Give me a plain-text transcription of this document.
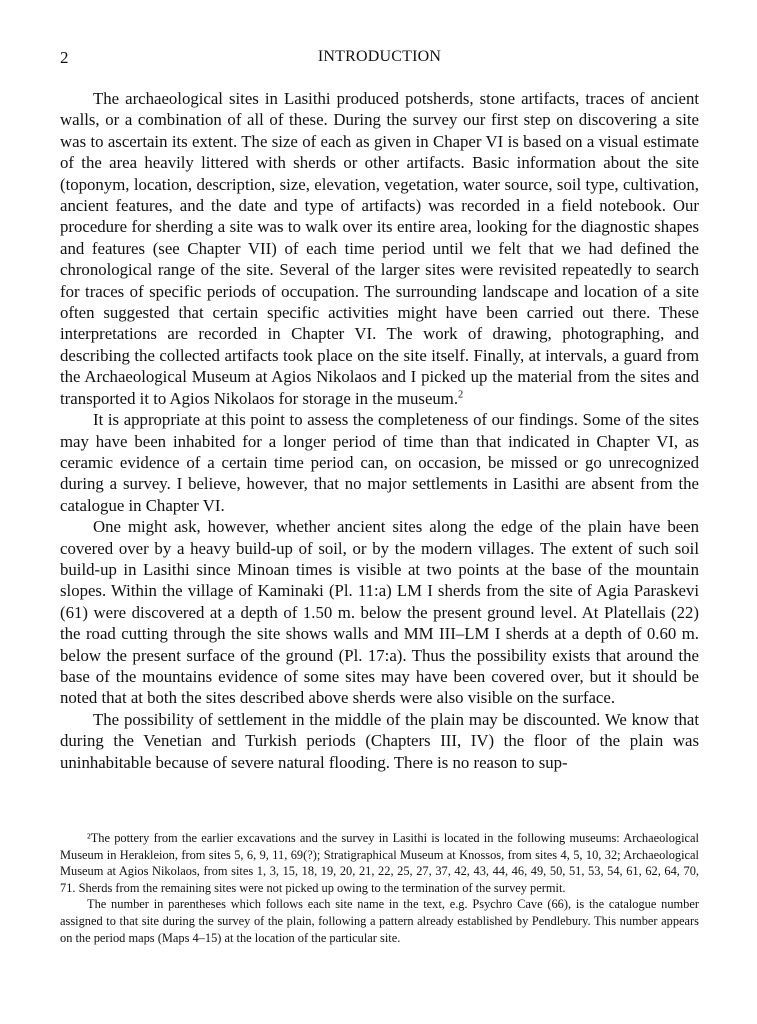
2	INTRODUCTION

The archaeological sites in Lasithi produced potsherds, stone artifacts, traces of ancient walls, or a combination of all of these. During the survey our first step on discovering a site was to ascertain its extent. The size of each as given in Chaper VI is based on a visual estimate of the area heavily littered with sherds or other artifacts. Basic information about the site (toponym, location, description, size, elevation, vegetation, water source, soil type, cultivation, ancient features, and the date and type of artifacts) was recorded in a field notebook. Our procedure for sherding a site was to walk over its entire area, looking for the diagnostic shapes and features (see Chapter VII) of each time period until we felt that we had defined the chronological range of the site. Several of the larger sites were revisited repeatedly to search for traces of specific periods of occupation. The surrounding landscape and location of a site often suggested that certain specific activities might have been carried out there. These interpretations are recorded in Chapter VI. The work of drawing, photographing, and describing the collected artifacts took place on the site itself. Finally, at intervals, a guard from the Archaeological Museum at Agios Nikolaos and I picked up the material from the sites and transported it to Agios Nikolaos for storage in the museum.$^2$

It is appropriate at this point to assess the completeness of our findings. Some of the sites may have been inhabited for a longer period of time than that indicated in Chapter VI, as ceramic evidence of a certain time period can, on occasion, be missed or go unrecognized during a survey. I believe, however, that no major settlements in Lasithi are absent from the catalogue in Chapter VI.

One might ask, however, whether ancient sites along the edge of the plain have been covered over by a heavy build-up of soil, or by the modern villages. The extent of such soil build-up in Lasithi since Minoan times is visible at two points at the base of the mountain slopes. Within the village of Kaminaki (Pl. 11:a) LM I sherds from the site of Agia Paraskevi (61) were discovered at a depth of 1.50 m. below the present ground level. At Platellais (22) the road cutting through the site shows walls and MM III–LM I sherds at a depth of 0.60 m. below the present surface of the ground (Pl. 17:a). Thus the possibility exists that around the base of the mountains evidence of some sites may have been covered over, but it should be noted that at both the sites described above sherds were also visible on the surface.

The possibility of settlement in the middle of the plain may be discounted. We know that during the Venetian and Turkish periods (Chapters III, IV) the floor of the plain was uninhabitable because of severe natural flooding. There is no reason to sup-

²The pottery from the earlier excavations and the survey in Lasithi is located in the following museums: Archaeological Museum in Herakleion, from sites 5, 6, 9, 11, 69(?); Stratigraphical Museum at Knossos, from sites 4, 5, 10, 32; Archaeological Museum at Agios Nikolaos, from sites 1, 3, 15, 18, 19, 20, 21, 22, 25, 27, 37, 42, 43, 44, 46, 49, 50, 51, 53, 54, 61, 62, 64, 70, 71. Sherds from the remaining sites were not picked up owing to the termination of the survey permit.

The number in parentheses which follows each site name in the text, e.g. Psychro Cave (66), is the catalogue number assigned to that site during the survey of the plain, following a pattern already established by Pendlebury. This number appears on the period maps (Maps 4–15) at the location of the particular site.
